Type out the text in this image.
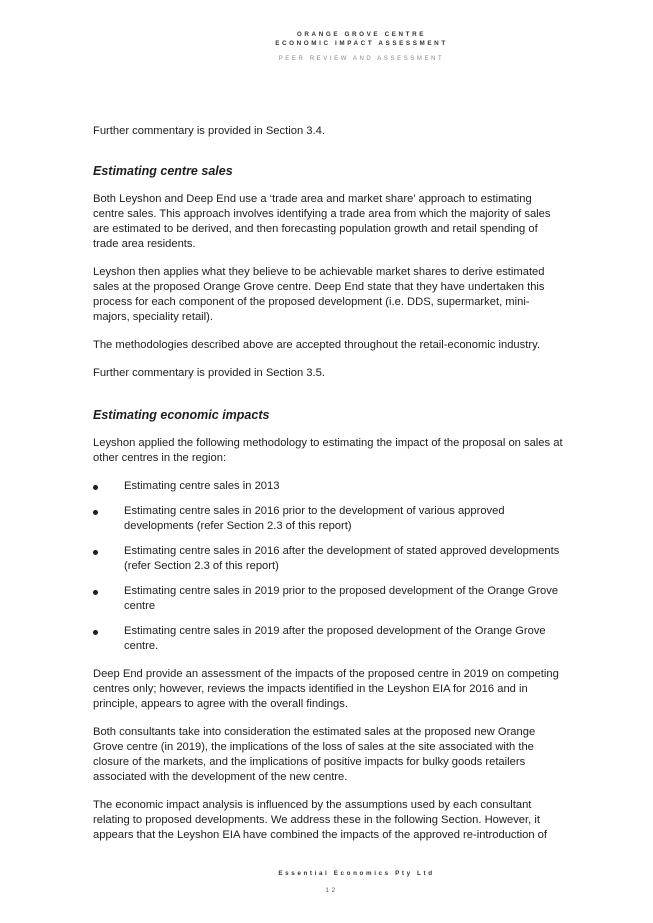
ORANGE GROVE CENTRE
ECONOMIC IMPACT ASSESSMENT
PEER REVIEW AND ASSESSMENT

Further commentary is provided in Section 3.4.

Estimating centre sales

Both Leyshon and Deep End use a ‘trade area and market share’ approach to estimating centre sales. This approach involves identifying a trade area from which the majority of sales are estimated to be derived, and then forecasting population growth and retail spending of trade area residents.

Leyshon then applies what they believe to be achievable market shares to derive estimated sales at the proposed Orange Grove centre. Deep End state that they have undertaken this process for each component of the proposed development (i.e. DDS, supermarket, mini-majors, speciality retail).

The methodologies described above are accepted throughout the retail-economic industry.

Further commentary is provided in Section 3.5.

Estimating economic impacts

Leyshon applied the following methodology to estimating the impact of the proposal on sales at other centres in the region:

Estimating centre sales in 2013
Estimating centre sales in 2016 prior to the development of various approved developments (refer Section 2.3 of this report)
Estimating centre sales in 2016 after the development of stated approved developments (refer Section 2.3 of this report)
Estimating centre sales in 2019 prior to the proposed development of the Orange Grove centre
Estimating centre sales in 2019 after the proposed development of the Orange Grove centre.

Deep End provide an assessment of the impacts of the proposed centre in 2019 on competing centres only; however, reviews the impacts identified in the Leyshon EIA for 2016 and in principle, appears to agree with the overall findings.

Both consultants take into consideration the estimated sales at the proposed new Orange Grove centre (in 2019), the implications of the loss of sales at the site associated with the closure of the markets, and the implications of positive impacts for bulky goods retailers associated with the development of the new centre.

The economic impact analysis is influenced by the assumptions used by each consultant relating to proposed developments. We address these in the following Section. However, it appears that the Leyshon EIA have combined the impacts of the approved re-introduction of

Essential Economics Pty Ltd
12
